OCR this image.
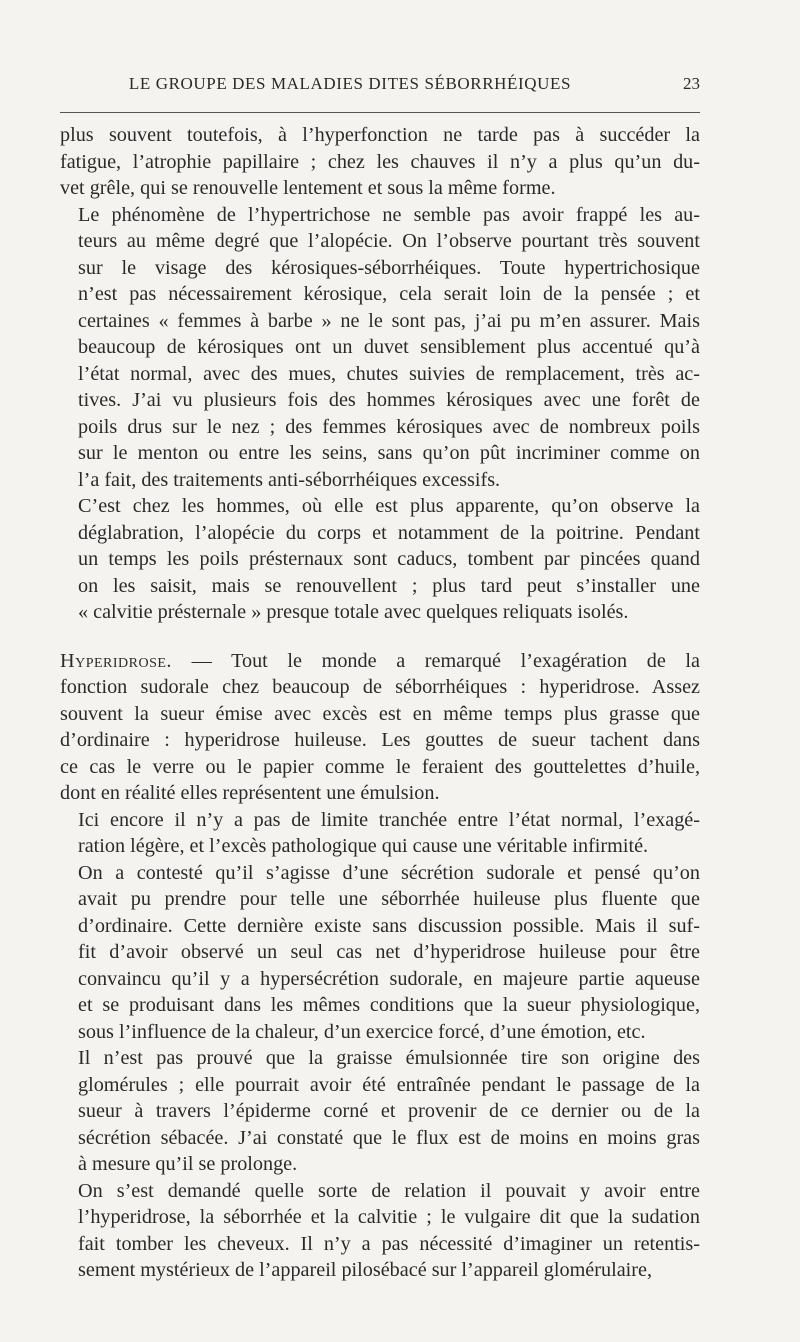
LE GROUPE DES MALADIES DITES SÉBORRHÉIQUES	23

plus souvent toutefois, à l’hyperfonction ne tarde pas à succéder la
fatigue, l’atrophie papillaire ; chez les chauves il n’y a plus qu’un du-
vet grêle, qui se renouvelle lentement et sous la même forme.

Le phénomène de l’hypertrichose ne semble pas avoir frappé les au-
teurs au même degré que l’alopécie. On l’observe pourtant très souvent
sur le visage des kérosiques-séborrhéiques. Toute hypertrichosique
n’est pas nécessairement kérosique, cela serait loin de la pensée ; et
certaines « femmes à barbe » ne le sont pas, j’ai pu m’en assurer. Mais
beaucoup de kérosiques ont un duvet sensiblement plus accentué qu’à
l’état normal, avec des mues, chutes suivies de remplacement, très ac-
tives. J’ai vu plusieurs fois des hommes kérosiques avec une forêt de
poils drus sur le nez ; des femmes kérosiques avec de nombreux poils
sur le menton ou entre les seins, sans qu’on pût incriminer comme on
l’a fait, des traitements anti-séborrhéiques excessifs.

C’est chez les hommes, où elle est plus apparente, qu’on observe la
déglabration, l’alopécie du corps et notamment de la poitrine. Pendant
un temps les poils présternaux sont caducs, tombent par pincées quand
on les saisit, mais se renouvellent ; plus tard peut s’installer une
« calvitie présternale » presque totale avec quelques reliquats isolés.

Hyperidrose. — Tout le monde a remarqué l’exagération de la
fonction sudorale chez beaucoup de séborrhéiques : hyperidrose. Assez
souvent la sueur émise avec excès est en même temps plus grasse que
d’ordinaire : hyperidrose huileuse. Les gouttes de sueur tachent dans
ce cas le verre ou le papier comme le feraient des gouttelettes d’huile,
dont en réalité elles représentent une émulsion.

Ici encore il n’y a pas de limite tranchée entre l’état normal, l’exagé-
ration légère, et l’excès pathologique qui cause une véritable infirmité.

On a contesté qu’il s’agisse d’une sécrétion sudorale et pensé qu’on
avait pu prendre pour telle une séborrhée huileuse plus fluente que
d’ordinaire. Cette dernière existe sans discussion possible. Mais il suf-
fit d’avoir observé un seul cas net d’hyperidrose huileuse pour être
convaincu qu’il y a hypersécrétion sudorale, en majeure partie aqueuse
et se produisant dans les mêmes conditions que la sueur physiologique,
sous l’influence de la chaleur, d’un exercice forcé, d’une émotion, etc.

Il n’est pas prouvé que la graisse émulsionnée tire son origine des
glomérules ; elle pourrait avoir été entraînée pendant le passage de la
sueur à travers l’épiderme corné et provenir de ce dernier ou de la
sécrétion sébacée. J’ai constaté que le flux est de moins en moins gras
à mesure qu’il se prolonge.

On s’est demandé quelle sorte de relation il pouvait y avoir entre
l’hyperidrose, la séborrhée et la calvitie ; le vulgaire dit que la sudation
fait tomber les cheveux. Il n’y a pas nécessité d’imaginer un retentis-
sement mystérieux de l’appareil pilosébacé sur l’appareil glomérulaire,
